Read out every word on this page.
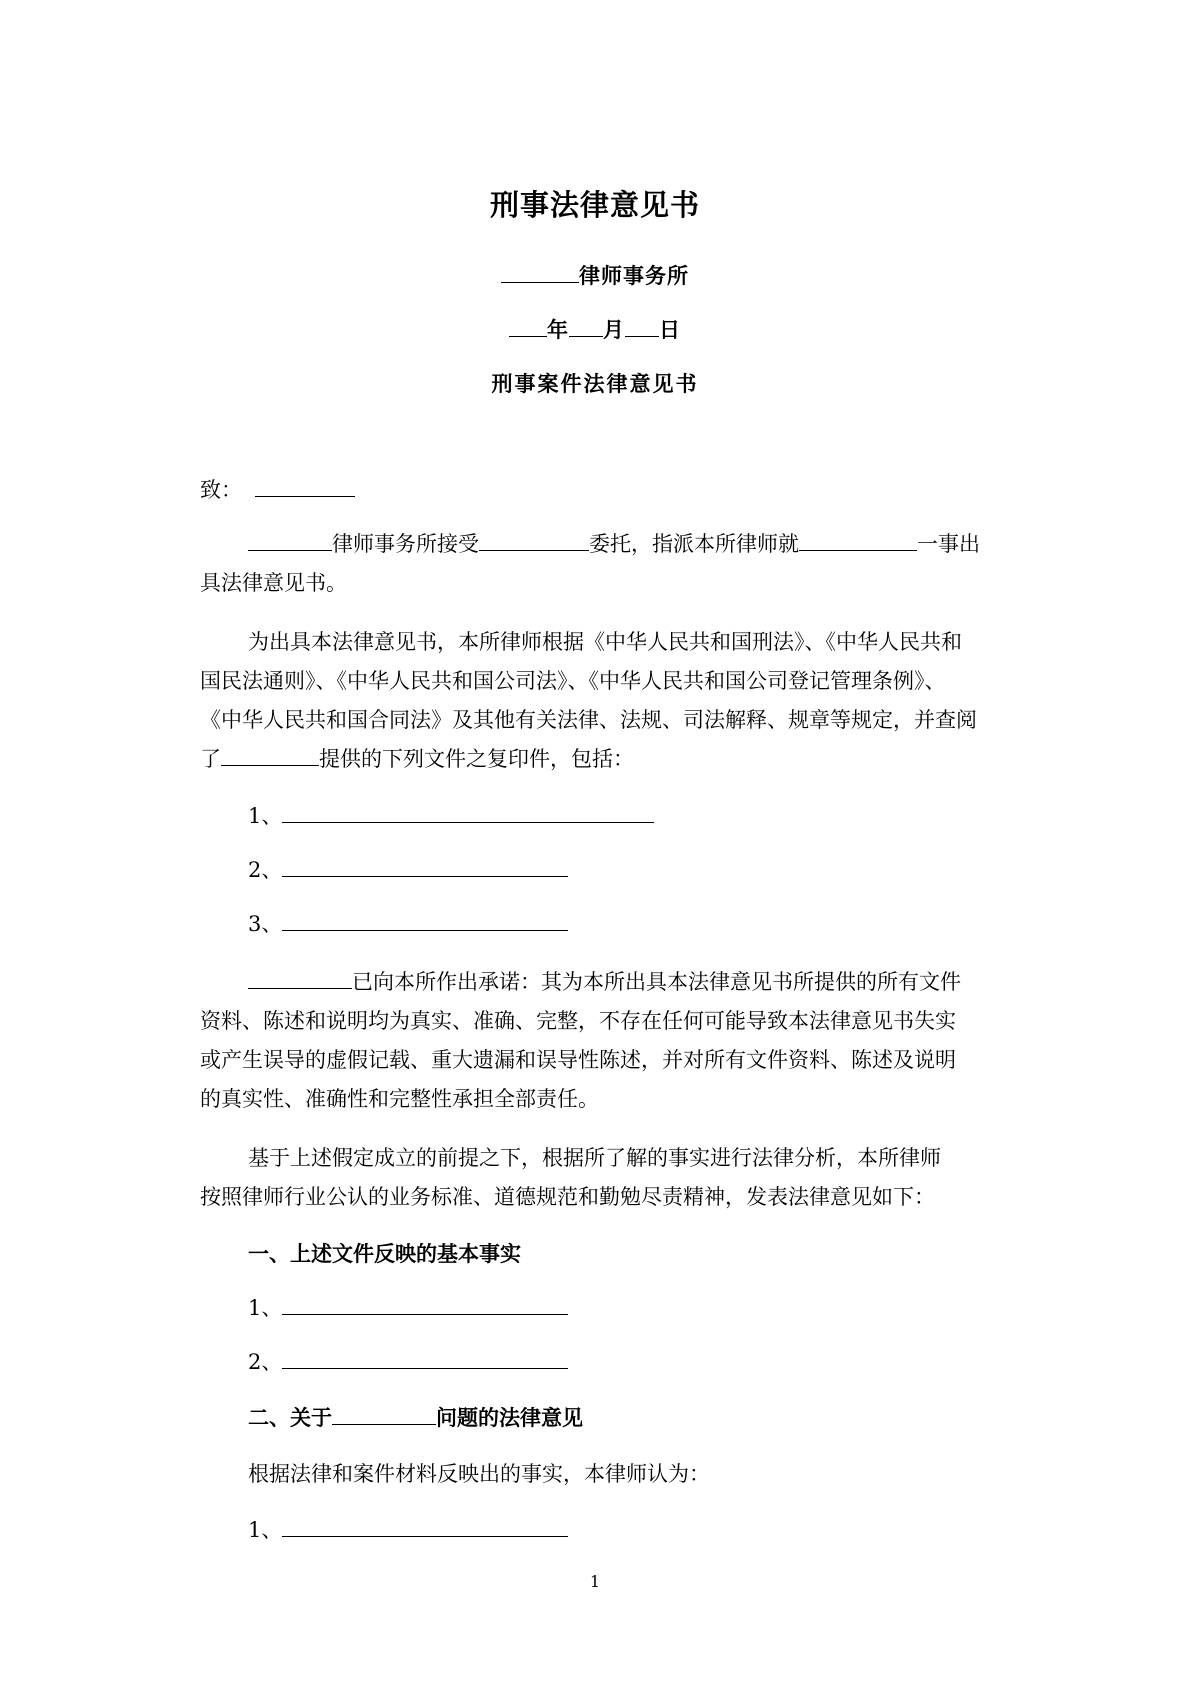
刑事法律意见书
律师事务所
年 月 日
刑事案件法律意见书
致：
律师事务所接受	委托，指派本所律师就	一事出
具法律意见书。
为出具本法律意见书，本所律师根据《中华人民共和国刑法》、《中华人民共和
国民法通则》、《中华人民共和国公司法》、《中华人民共和国公司登记管理条例》、
《中华人民共和国合同法》及其他有关法律、法规、司法解释、规章等规定，并查阅
了	提供的下列文件之复印件，包括：
1、
2、
3、
已向本所作出承诺：其为本所出具本法律意见书所提供的所有文件
资料、陈述和说明均为真实、准确、完整，不存在任何可能导致本法律意见书失实
或产生误导的虚假记载、重大遗漏和误导性陈述，并对所有文件资料、陈述及说明
的真实性、准确性和完整性承担全部责任。
基于上述假定成立的前提之下，根据所了解的事实进行法律分析，本所律师
按照律师行业公认的业务标准、道德规范和勤勉尽责精神，发表法律意见如下：
一、上述文件反映的基本事实
1、
2、
二、关于	问题的法律意见
根据法律和案件材料反映出的事实，本律师认为：
1、
1
